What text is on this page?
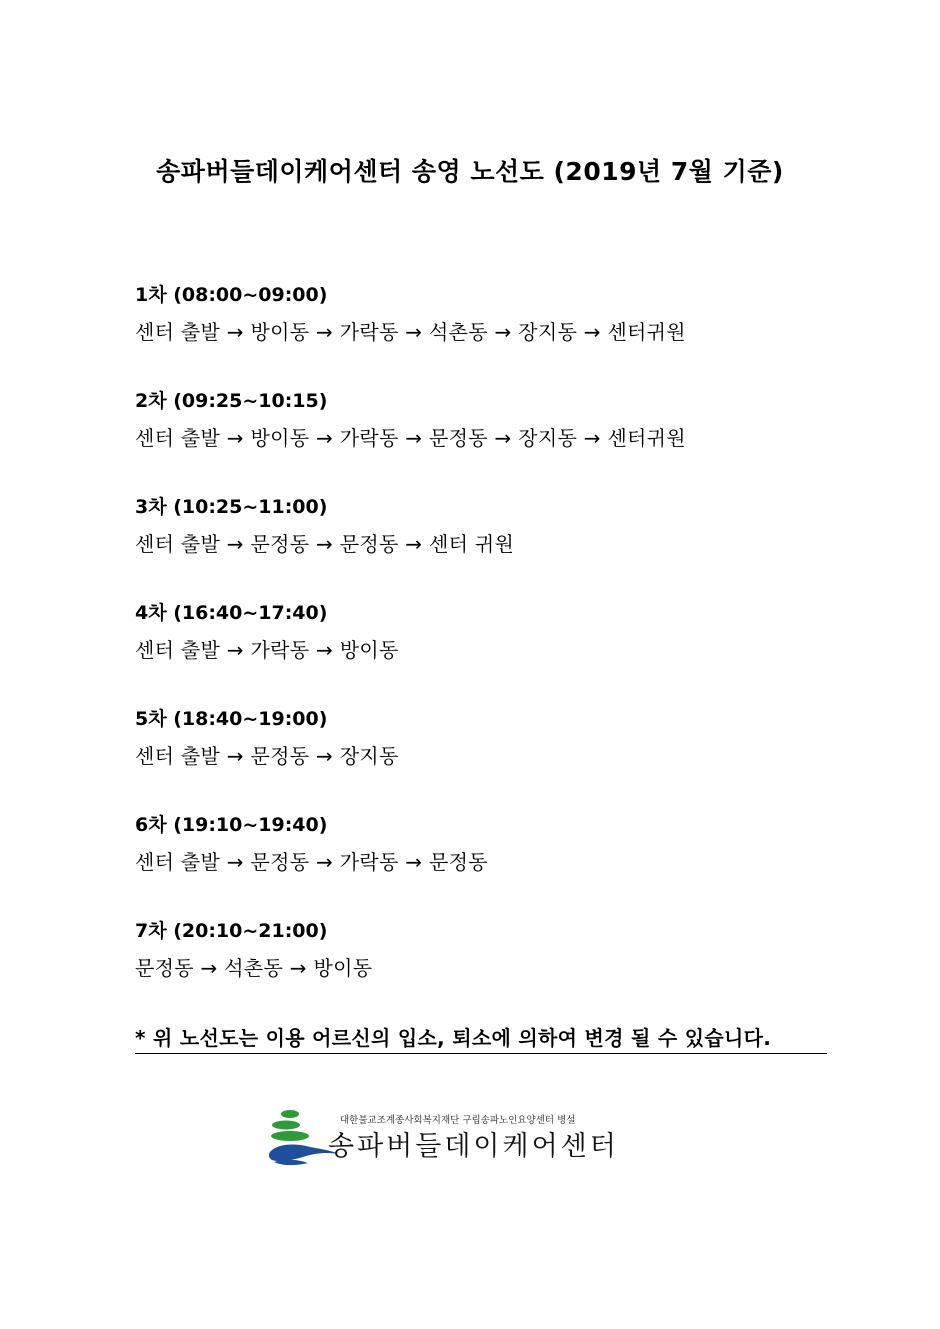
송파버들데이케어센터 송영 노선도 (2019년 7월 기준)
1차 (08:00~09:00)
센터 출발 → 방이동 → 가락동 → 석촌동 → 장지동 → 센터귀원
2차 (09:25~10:15)
센터 출발 → 방이동 → 가락동 → 문정동 → 장지동 → 센터귀원
3차 (10:25~11:00)
센터 출발 → 문정동 → 문정동 → 센터 귀원
4차 (16:40~17:40)
센터 출발 → 가락동 → 방이동
5차 (18:40~19:00)
센터 출발 → 문정동 → 장지동
6차 (19:10~19:40)
센터 출발 → 문정동 → 가락동 → 문정동
7차 (20:10~21:00)
문정동 → 석촌동 → 방이동
* 위 노선도는 이용 어르신의 입소, 퇴소에 의하여 변경 될 수 있습니다.
대한불교조계종사회복지재단 구립송파노인요양센터 병설
송파버들데이케어센터
